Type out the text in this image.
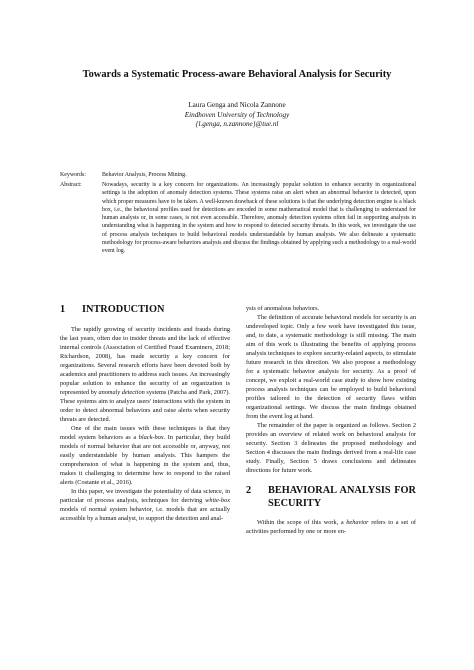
Towards a Systematic Process-aware Behavioral Analysis for Security
Laura Genga and Nicola Zannone
Eindhoven University of Technology
{l.genga, n.zannone}@tue.nl
Keywords:	Behavior Analysis, Process Mining.
Abstract:	Nowadays, security is a key concern for organizations. An increasingly popular solution to enhance security in organizational settings is the adoption of anomaly detection systems. These systems raise an alert when an abnormal behavior is detected, upon which proper measures have to be taken. A well-known drawback of these solutions is that the underlying detection engine is a black box, i.e., the behavioral profiles used for detections are encoded in some mathematical model that is challenging to understand for human analysts or, in some cases, is not even accessible. Therefore, anomaly detection systems often fail in supporting analysts in understanding what is happening in the system and how to respond to detected security threats. In this work, we investigate the use of process analysis techniques to build behavioral models understandable by human analysts. We also delineate a systematic methodology for process-aware behaviors analysis and discuss the findings obtained by applying such a methodology to a real-world event log.
1	INTRODUCTION

The rapidly growing of security incidents and frauds during the last years, often due to insider threats and the lack of effective internal controls (Association of Certified Fraud Examiners, 2018; Richardson, 2008), has made security a key concern for organizations. Several research efforts have been devoted both by academics and practitioners to address such issues. An increasingly popular solution to enhance the security of an organization is represented by anomaly detection systems (Patcha and Park, 2007). These systems aim to analyze users' interactions with the system in order to detect abnormal behaviors and raise alerts when security threats are detected.

One of the main issues with these techniques is that they model system behaviors as a black-box. In particular, they build models of normal behavior that are not accessible or, anyway, not easily understandable by human analysts. This hampers the comprehension of what is happening in the system and, thus, makes it challenging to determine how to respond to the raised alerts (Costante et al., 2016).

In this paper, we investigate the potentiality of data science, in particular of process analysis, techniques for deriving white-box models of normal system behavior, i.e. models that are actually accessible by a human analyst, to support the detection and anal-

ysis of anomalous behaviors.

The definition of accurate behavioral models for security is an undeveloped topic. Only a few work have investigated this issue, and, to date, a systematic methodology is still missing. The main aim of this work is illustrating the benefits of applying process analysis techniques to explore security-related aspects, to stimulate future research in this direction. We also propose a methodology for a systematic behavior analysis for security. As a proof of concept, we exploit a real-world case study to show how existing process analysis techniques can be employed to build behavioral profiles tailored to the detection of security flaws within organizational settings. We discuss the main findings obtained from the event log at hand.

The remainder of the paper is organized as follows. Section 2 provides an overview of related work on behavioral analysis for security. Section 3 delineates the proposed methodology and Section 4 discusses the main findings derived from a real-life case study. Finally, Section 5 draws conclusions and delineates directions for future work.

2	BEHAVIORAL ANALYSIS FOR SECURITY

Within the scope of this work, a behavior refers to a set of activities performed by one or more en-
